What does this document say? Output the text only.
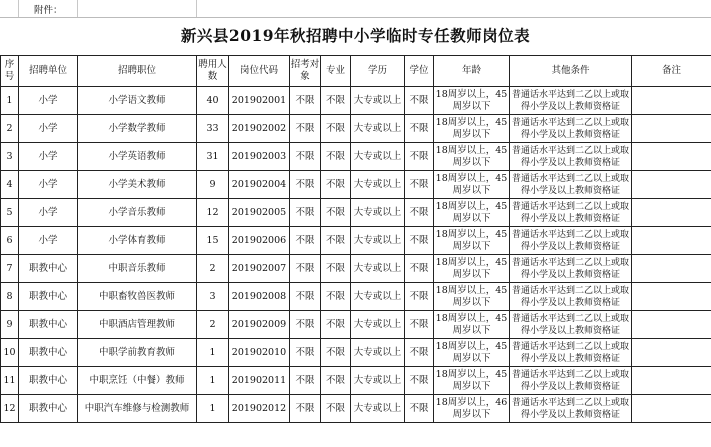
附件：
新兴县2019年秋招聘中小学临时专任教师岗位表
序号	招聘单位	招聘职位	聘用人数	岗位代码	招考对象	专业	学历	学位	年龄	其他条件	备注
1	小学	小学语文教师	40	201902001	不限	不限	大专或以上	不限	18周岁以上，45周岁以下	普通话水平达到二乙以上或取得小学及以上教师资格证	
2	小学	小学数学教师	33	201902002	不限	不限	大专或以上	不限	18周岁以上，45周岁以下	普通话水平达到二乙以上或取得小学及以上教师资格证	
3	小学	小学英语教师	31	201902003	不限	不限	大专或以上	不限	18周岁以上，45周岁以下	普通话水平达到二乙以上或取得小学及以上教师资格证	
4	小学	小学美术教师	9	201902004	不限	不限	大专或以上	不限	18周岁以上，45周岁以下	普通话水平达到二乙以上或取得小学及以上教师资格证	
5	小学	小学音乐教师	12	201902005	不限	不限	大专或以上	不限	18周岁以上，45周岁以下	普通话水平达到二乙以上或取得小学及以上教师资格证	
6	小学	小学体育教师	15	201902006	不限	不限	大专或以上	不限	18周岁以上，45周岁以下	普通话水平达到二乙以上或取得小学及以上教师资格证	
7	职教中心	中职音乐教师	2	201902007	不限	不限	大专或以上	不限	18周岁以上，45周岁以下	普通话水平达到二乙以上或取得小学及以上教师资格证	
8	职教中心	中职畜牧兽医教师	3	201902008	不限	不限	大专或以上	不限	18周岁以上，45周岁以下	普通话水平达到二乙以上或取得小学及以上教师资格证	
9	职教中心	中职酒店管理教师	2	201902009	不限	不限	大专或以上	不限	18周岁以上，45周岁以下	普通话水平达到二乙以上或取得小学及以上教师资格证	
10	职教中心	中职学前教育教师	1	201902010	不限	不限	大专或以上	不限	18周岁以上，45周岁以下	普通话水平达到二乙以上或取得小学及以上教师资格证	
11	职教中心	中职烹饪（中餐）教师	1	201902011	不限	不限	大专或以上	不限	18周岁以上，45周岁以下	普通话水平达到二乙以上或取得小学及以上教师资格证	
12	职教中心	中职汽车维修与检测教师	1	201902012	不限	不限	大专或以上	不限	18周岁以上，46周岁以下	普通话水平达到二乙以上或取得小学及以上教师资格证	
